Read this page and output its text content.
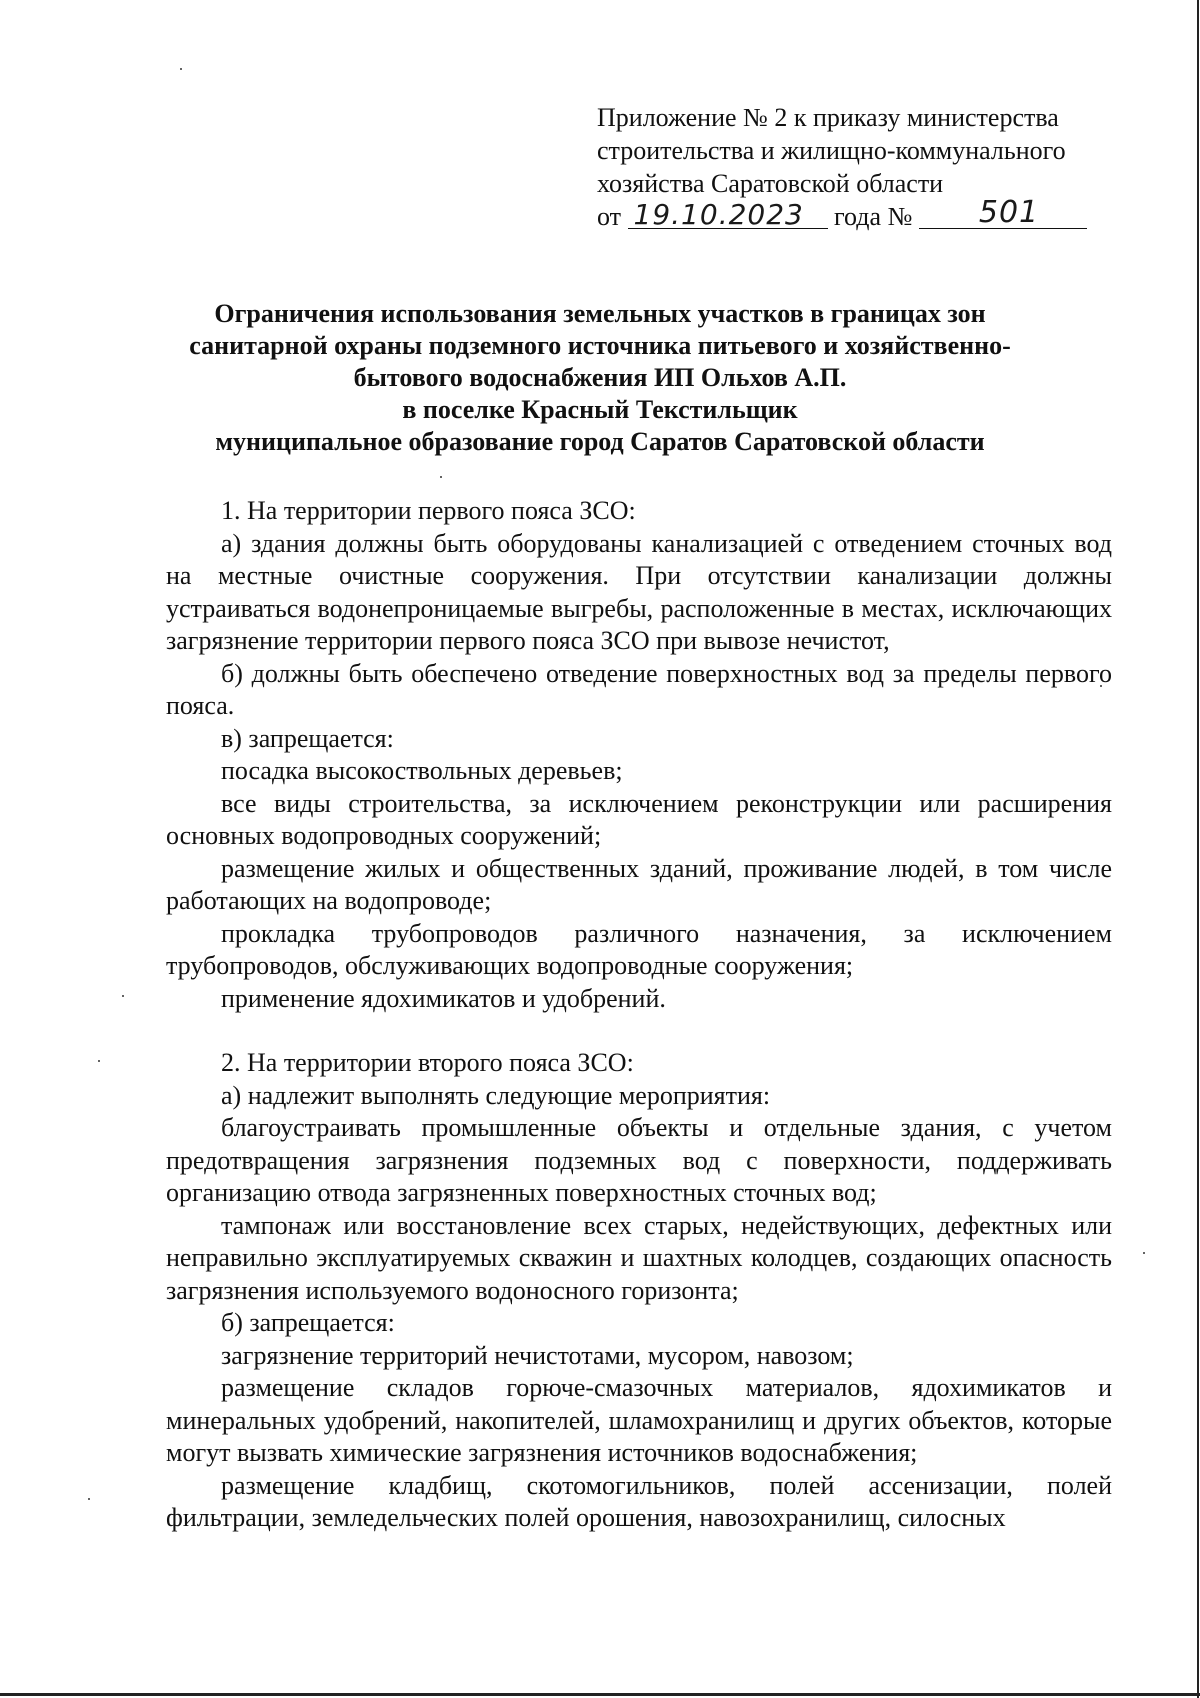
Приложение № 2 к приказу министерства
строительства и жилищно-коммунального
хозяйства Саратовской области
от 19.10.2023 года № 501
Ограничения использования земельных участков в границах зон
санитарной охраны подземного источника питьевого и хозяйственно-
бытового водоснабжения ИП Ольхов А.П.
в поселке Красный Текстильщик
муниципальное образование город Саратов Саратовской области

1. На территории первого пояса ЗСО:

а) здания должны быть оборудованы канализацией с отведением сточных вод на местные очистные сооружения. При отсутствии канализации должны устраиваться водонепроницаемые выгребы, расположенные в местах, исключающих загрязнение территории первого пояса ЗСО при вывозе нечистот,

б) должны быть обеспечено отведение поверхностных вод за пределы первого пояса.

в) запрещается:

посадка высокоствольных деревьев;

все виды строительства, за исключением реконструкции или расширения основных водопроводных сооружений;

размещение жилых и общественных зданий, проживание людей, в том числе работающих на водопроводе;

прокладка трубопроводов различного назначения, за исключением трубопроводов, обслуживающих водопроводные сооружения;

применение ядохимикатов и удобрений.

2. На территории второго пояса ЗСО:

а) надлежит выполнять следующие мероприятия:

благоустраивать промышленные объекты и отдельные здания, с учетом предотвращения загрязнения подземных вод с поверхности, поддерживать организацию отвода загрязненных поверхностных сточных вод;

тампонаж или восстановление всех старых, недействующих, дефектных или неправильно эксплуатируемых скважин и шахтных колодцев, создающих опасность загрязнения используемого водоносного горизонта;

б) запрещается:

загрязнение территорий нечистотами, мусором, навозом;

размещение складов горюче-смазочных материалов, ядохимикатов и минеральных удобрений, накопителей, шламохранилищ и других объектов, которые могут вызвать химические загрязнения источников водоснабжения;

размещение кладбищ, скотомогильников, полей ассенизации, полей фильтрации, земледельческих полей орошения, навозохранилищ, силосных
